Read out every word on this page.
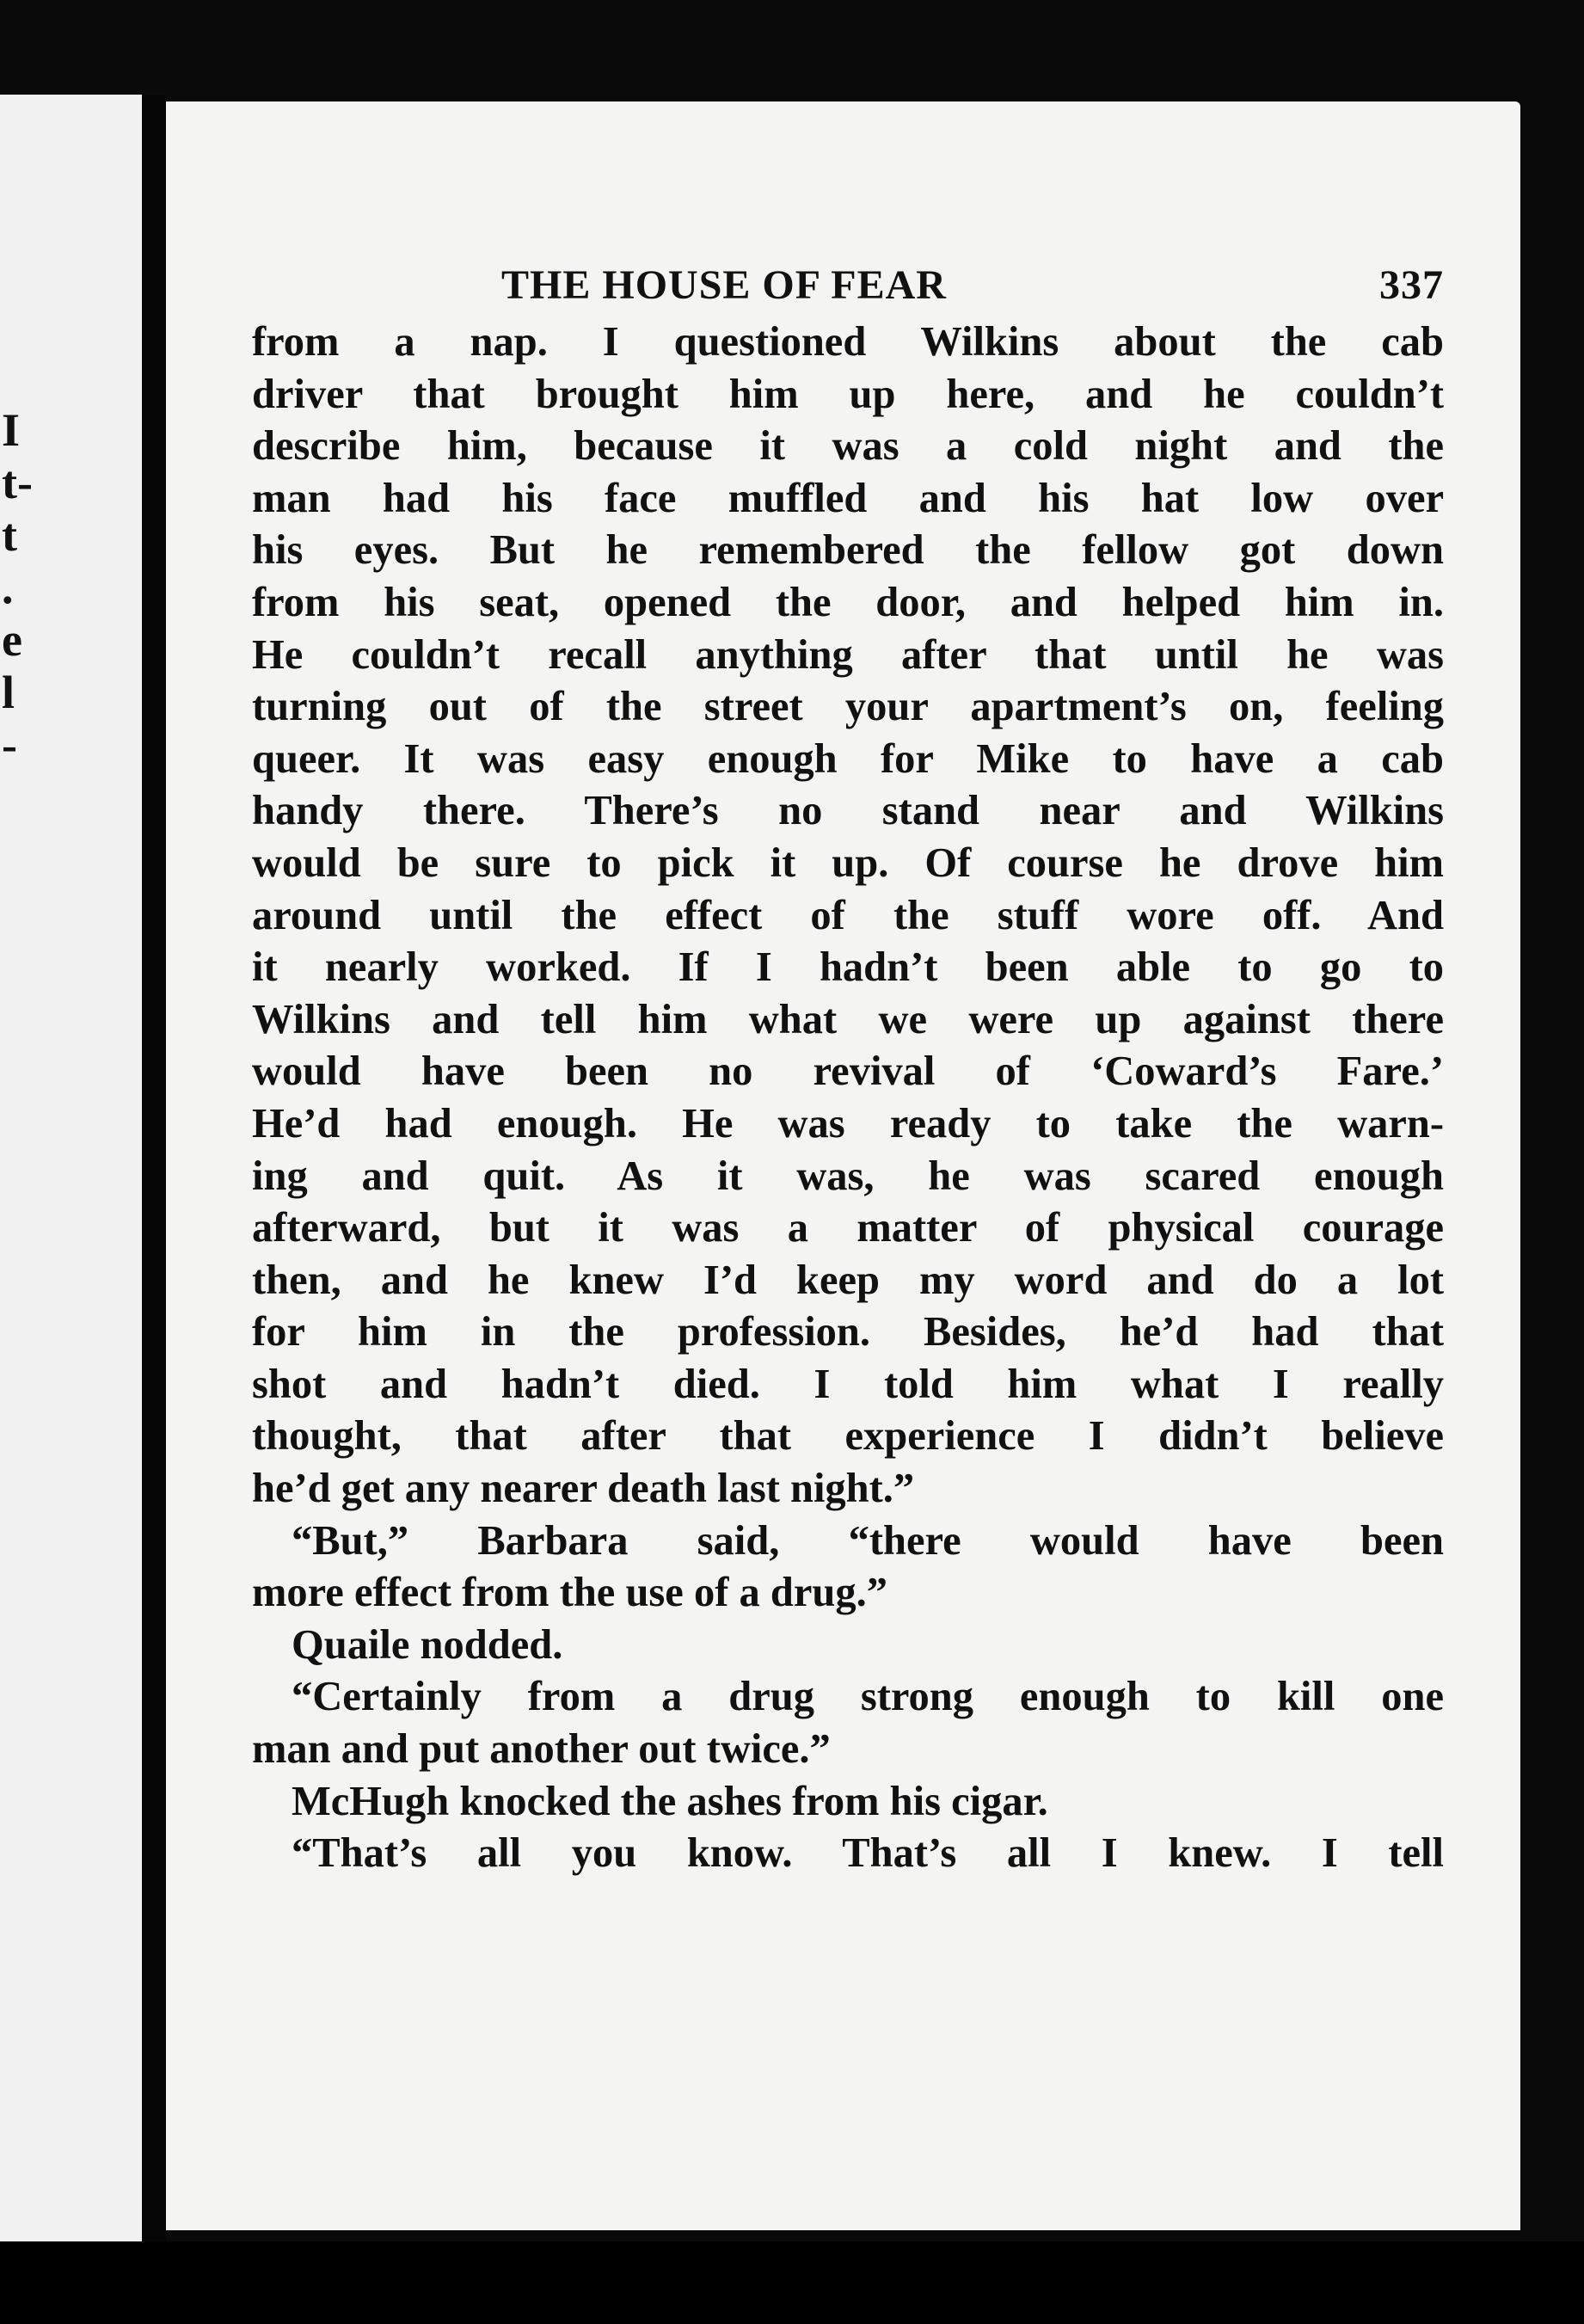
I
t-
t
.
e
l
-
THE HOUSE OF FEAR	337
from a nap. I questioned Wilkins about the cab
driver that brought him up here, and he couldn’t
describe him, because it was a cold night and the
man had his face muffled and his hat low over
his eyes. But he remembered the fellow got down
from his seat, opened the door, and helped him in.
He couldn’t recall anything after that until he was
turning out of the street your apartment’s on, feeling
queer. It was easy enough for Mike to have a cab
handy there. There’s no stand near and Wilkins
would be sure to pick it up. Of course he drove him
around until the effect of the stuff wore off. And
it nearly worked. If I hadn’t been able to go to
Wilkins and tell him what we were up against there
would have been no revival of ‘Coward’s Fare.’
He’d had enough. He was ready to take the warn-
ing and quit. As it was, he was scared enough
afterward, but it was a matter of physical courage
then, and he knew I’d keep my word and do a lot
for him in the profession. Besides, he’d had that
shot and hadn’t died. I told him what I really
thought, that after that experience I didn’t believe
he’d get any nearer death last night.”
“But,” Barbara said, “there would have been
more effect from the use of a drug.”
Quaile nodded.
“Certainly from a drug strong enough to kill one
man and put another out twice.”
McHugh knocked the ashes from his cigar.
“That’s all you know. That’s all I knew. I tell
